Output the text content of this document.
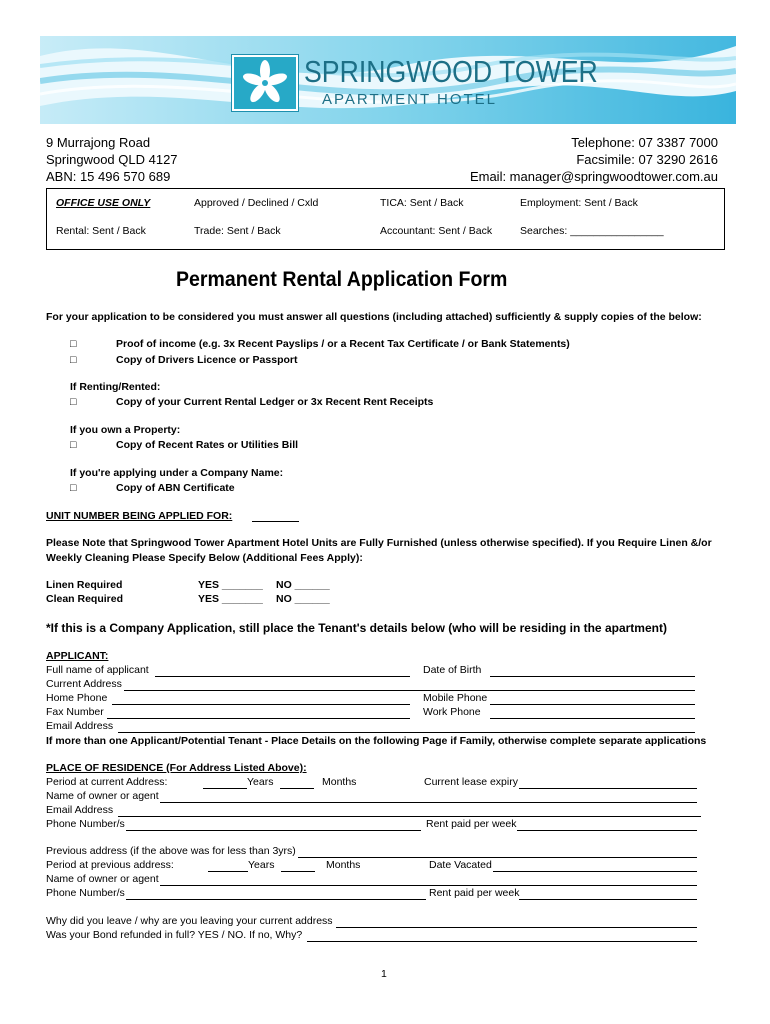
SPRINGWOOD TOWER
APARTMENT HOTEL
9 Murrajong Road
Springwood QLD 4127
ABN: 15 496 570 689
Telephone: 07 3387 7000
Facsimile: 07 3290 2616
Email: manager@springwoodtower.com.au
OFFICE USE ONLY	Approved / Declined / Cxld	TICA: Sent / Back	Employment: Sent / Back
Rental: Sent / Back	Trade: Sent / Back	Accountant: Sent / Back	Searches: ________________
Permanent Rental Application Form
For your application to be considered you must answer all questions (including attached) sufficiently & supply copies of the below:
□	Proof of income (e.g. 3x Recent Payslips / or a Recent Tax Certificate / or Bank Statements)
□	Copy of Drivers Licence or Passport
If Renting/Rented:
□	Copy of your Current Rental Ledger or 3x Recent Rent Receipts
If you own a Property:
□	Copy of Recent Rates or Utilities Bill
If you're applying under a Company Name:
□	Copy of ABN Certificate
UNIT NUMBER BEING APPLIED FOR:
Please Note that Springwood Tower Apartment Hotel Units are Fully Furnished (unless otherwise specified). If you Require Linen &/or
Weekly Cleaning Please Specify Below (Additional Fees Apply):
Linen Required	YES _______ NO ______
Clean Required	YES _______ NO ______
*If this is a Company Application, still place the Tenant's details below (who will be residing in the apartment)
APPLICANT:
Full name of applicant	Date of Birth
Current Address
Home Phone	Mobile Phone
Fax Number	Work Phone
Email Address
If more than one Applicant/Potential Tenant - Place Details on the following Page if Family, otherwise complete separate applications
PLACE OF RESIDENCE (For Address Listed Above):
Period at current Address:	Years	Months	Current lease expiry
Name of owner or agent
Email Address
Phone Number/s	Rent paid per week
Previous address (if the above was for less than 3yrs)
Period at previous address:	Years	Months	Date Vacated
Name of owner or agent
Phone Number/s	Rent paid per week
Why did you leave / why are you leaving your current address
Was your Bond refunded in full? YES / NO. If no, Why?
1
